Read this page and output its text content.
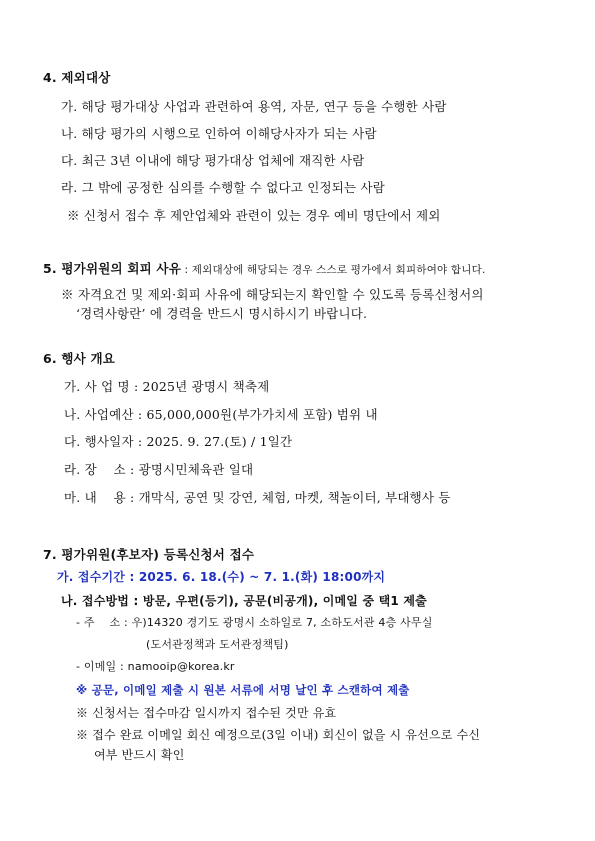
4. 제외대상
가. 해당 평가대상 사업과 관련하여 용역, 자문, 연구 등을 수행한 사람
나. 해당 평가의 시행으로 인하여 이해당사자가 되는 사람
다. 최근 3년 이내에 해당 평가대상 업체에 재직한 사람
라. 그 밖에 공정한 심의를 수행할 수 없다고 인정되는 사람
※ 신청서 접수 후 제안업체와 관련이 있는 경우 예비 명단에서 제외
5. 평가위원의 회피 사유 : 제외대상에 해당되는 경우 스스로 평가에서 회피하여야 합니다.
※ 자격요건 및 제외·회피 사유에 해당되는지 확인할 수 있도록 등록신청서의
‘경력사항란’ 에 경력을 반드시 명시하시기 바랍니다.
6. 행사 개요
가. 사 업 명 : 2025년 광명시 책축제
나. 사업예산 : 65,000,000원(부가가치세 포함) 범위 내
다. 행사일자 : 2025. 9. 27.(토) / 1일간
라. 장    소 : 광명시민체육관 일대
마. 내    용 : 개막식, 공연 및 강연, 체험, 마켓, 책놀이터, 부대행사 등
7. 평가위원(후보자) 등록신청서 접수
가. 접수기간 : 2025. 6. 18.(수) ~ 7. 1.(화) 18:00까지
나. 접수방법 : 방문, 우편(등기), 공문(비공개), 이메일 중 택1 제출
- 주    소 : 우)14320 경기도 광명시 소하일로 7, 소하도서관 4층 사무실
(도서관정책과 도서관정책팀)
- 이메일 : namooip@korea.kr
※ 공문, 이메일 제출 시 원본 서류에 서명 날인 후 스캔하여 제출
※ 신청서는 접수마감 일시까지 접수된 것만 유효
※ 접수 완료 이메일 회신 예정으로(3일 이내) 회신이 없을 시 유선으로 수신
여부 반드시 확인
